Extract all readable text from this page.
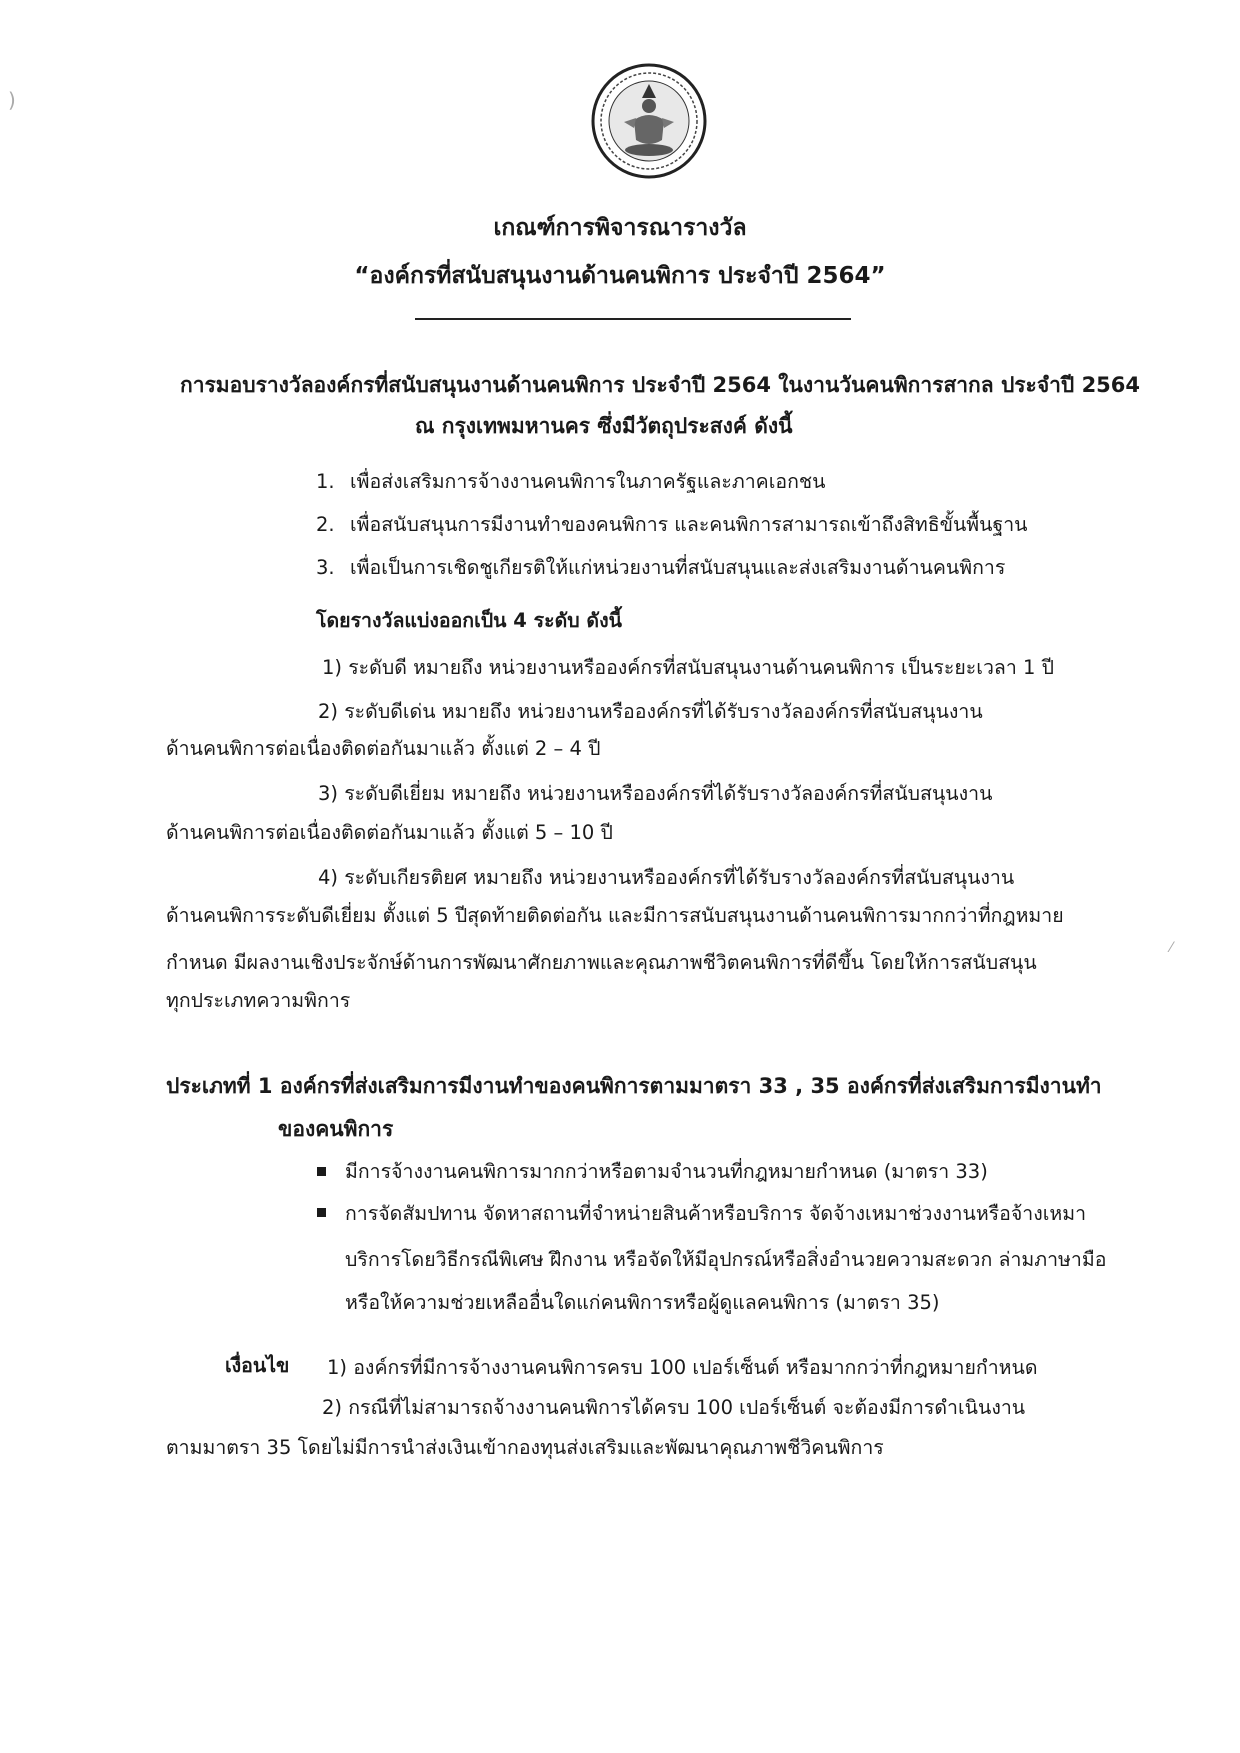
เกณฑ์การพิจารณารางวัล
“องค์กรที่สนับสนุนงานด้านคนพิการ ประจำปี 2564”
การมอบรางวัลองค์กรที่สนับสนุนงานด้านคนพิการ ประจำปี 2564 ในงานวันคนพิการสากล ประจำปี 2564
ณ กรุงเทพมหานคร ซึ่งมีวัตถุประสงค์ ดังนี้
1. เพื่อส่งเสริมการจ้างงานคนพิการในภาครัฐและภาคเอกชน
2. เพื่อสนับสนุนการมีงานทำของคนพิการ และคนพิการสามารถเข้าถึงสิทธิขั้นพื้นฐาน
3. เพื่อเป็นการเชิดชูเกียรติให้แก่หน่วยงานที่สนับสนุนและส่งเสริมงานด้านคนพิการ
โดยรางวัลแบ่งออกเป็น 4 ระดับ ดังนี้
1) ระดับดี หมายถึง หน่วยงานหรือองค์กรที่สนับสนุนงานด้านคนพิการ เป็นระยะเวลา 1 ปี
2) ระดับดีเด่น หมายถึง หน่วยงานหรือองค์กรที่ได้รับรางวัลองค์กรที่สนับสนุนงาน
ด้านคนพิการต่อเนื่องติดต่อกันมาแล้ว ตั้งแต่ 2 – 4 ปี
3) ระดับดีเยี่ยม หมายถึง หน่วยงานหรือองค์กรที่ได้รับรางวัลองค์กรที่สนับสนุนงาน
ด้านคนพิการต่อเนื่องติดต่อกันมาแล้ว ตั้งแต่ 5 – 10 ปี
4) ระดับเกียรติยศ หมายถึง หน่วยงานหรือองค์กรที่ได้รับรางวัลองค์กรที่สนับสนุนงาน
ด้านคนพิการระดับดีเยี่ยม ตั้งแต่ 5 ปีสุดท้ายติดต่อกัน และมีการสนับสนุนงานด้านคนพิการมากกว่าที่กฎหมาย
กำหนด มีผลงานเชิงประจักษ์ด้านการพัฒนาศักยภาพและคุณภาพชีวิตคนพิการที่ดีขึ้น โดยให้การสนับสนุน
ทุกประเภทความพิการ
ประเภทที่ 1 องค์กรที่ส่งเสริมการมีงานทำของคนพิการตามมาตรา 33 , 35 องค์กรที่ส่งเสริมการมีงานทำ
ของคนพิการ
มีการจ้างงานคนพิการมากกว่าหรือตามจำนวนที่กฎหมายกำหนด (มาตรา 33)
การจัดสัมปทาน จัดหาสถานที่จำหน่ายสินค้าหรือบริการ จัดจ้างเหมาช่วงงานหรือจ้างเหมา
บริการโดยวิธีกรณีพิเศษ ฝึกงาน หรือจัดให้มีอุปกรณ์หรือสิ่งอำนวยความสะดวก ล่ามภาษามือ
หรือให้ความช่วยเหลืออื่นใดแก่คนพิการหรือผู้ดูแลคนพิการ (มาตรา 35)
เงื่อนไข 1) องค์กรที่มีการจ้างงานคนพิการครบ 100 เปอร์เซ็นต์ หรือมากกว่าที่กฎหมายกำหนด
2) กรณีที่ไม่สามารถจ้างงานคนพิการได้ครบ 100 เปอร์เซ็นต์ จะต้องมีการดำเนินงาน
ตามมาตรา 35 โดยไม่มีการนำส่งเงินเข้ากองทุนส่งเสริมและพัฒนาคุณภาพชีวิคนพิการ
)
⁄
